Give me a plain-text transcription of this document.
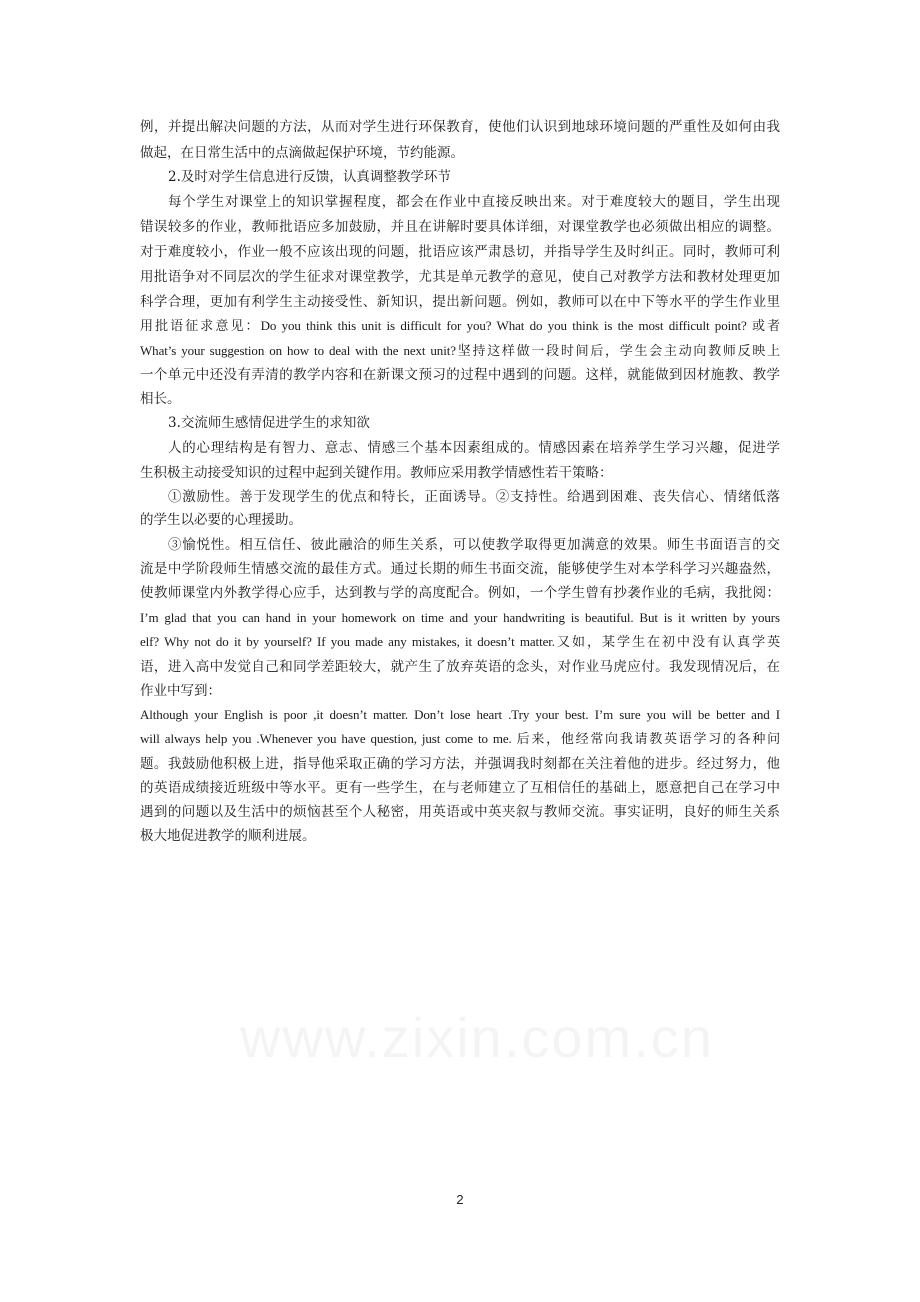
例，并提出解决问题的方法，从而对学生进行环保教育，使他们认识到地球环境问题的严重性及如何由我
做起，在日常生活中的点滴做起保护环境，节约能源。
2.及时对学生信息进行反馈，认真调整教学环节
每个学生对课堂上的知识掌握程度，都会在作业中直接反映出来。对于难度较大的题目，学生出现
错误较多的作业，教师批语应多加鼓励，并且在讲解时要具体详细，对课堂教学也必须做出相应的调整。
对于难度较小，作业一般不应该出现的问题，批语应该严肃恳切，并指导学生及时纠正。同时，教师可利
用批语争对不同层次的学生征求对课堂教学，尤其是单元教学的意见，使自己对教学方法和教材处理更加
科学合理，更加有利学生主动接受性、新知识，提出新问题。例如，教师可以在中下等水平的学生作业里
用批语征求意见：Do you think this unit is difficult for you? What do you think is the most difficult point? 或者
What’s your suggestion on how to deal with the next unit?坚持这样做一段时间后，学生会主动向教师反映上
一个单元中还没有弄清的教学内容和在新课文预习的过程中遇到的问题。这样，就能做到因材施教、教学
相长。
3.交流师生感情促进学生的求知欲
人的心理结构是有智力、意志、情感三个基本因素组成的。情感因素在培养学生学习兴趣，促进学
生积极主动接受知识的过程中起到关键作用。教师应采用教学情感性若干策略：
①激励性。善于发现学生的优点和特长，正面诱导。②支持性。给遇到困难、丧失信心、情绪低落
的学生以必要的心理援助。
③愉悦性。相互信任、彼此融洽的师生关系，可以使教学取得更加满意的效果。师生书面语言的交
流是中学阶段师生情感交流的最佳方式。通过长期的师生书面交流，能够使学生对本学科学习兴趣盎然，
使教师课堂内外教学得心应手，达到教与学的高度配合。例如，一个学生曾有抄袭作业的毛病，我批阅：
I’m glad that you can hand in your homework on time and your handwriting is beautiful. But is it written by yours
elf? Why not do it by yourself? If you made any mistakes, it doesn’t matter.又如，某学生在初中没有认真学英
语，进入高中发觉自己和同学差距较大，就产生了放弃英语的念头，对作业马虎应付。我发现情况后，在
作业中写到：
Although your English is poor ,it doesn’t matter. Don’t lose heart .Try your best. I’m sure you will be better and I
will always help you .Whenever you have question, just come to me. 后来，他经常向我请教英语学习的各种问
题。我鼓励他积极上进，指导他采取正确的学习方法，并强调我时刻都在关注着他的进步。经过努力，他
的英语成绩接近班级中等水平。更有一些学生，在与老师建立了互相信任的基础上，愿意把自己在学习中
遇到的问题以及生活中的烦恼甚至个人秘密，用英语或中英夹叙与教师交流。事实证明，良好的师生关系
极大地促进教学的顺利进展。
2
